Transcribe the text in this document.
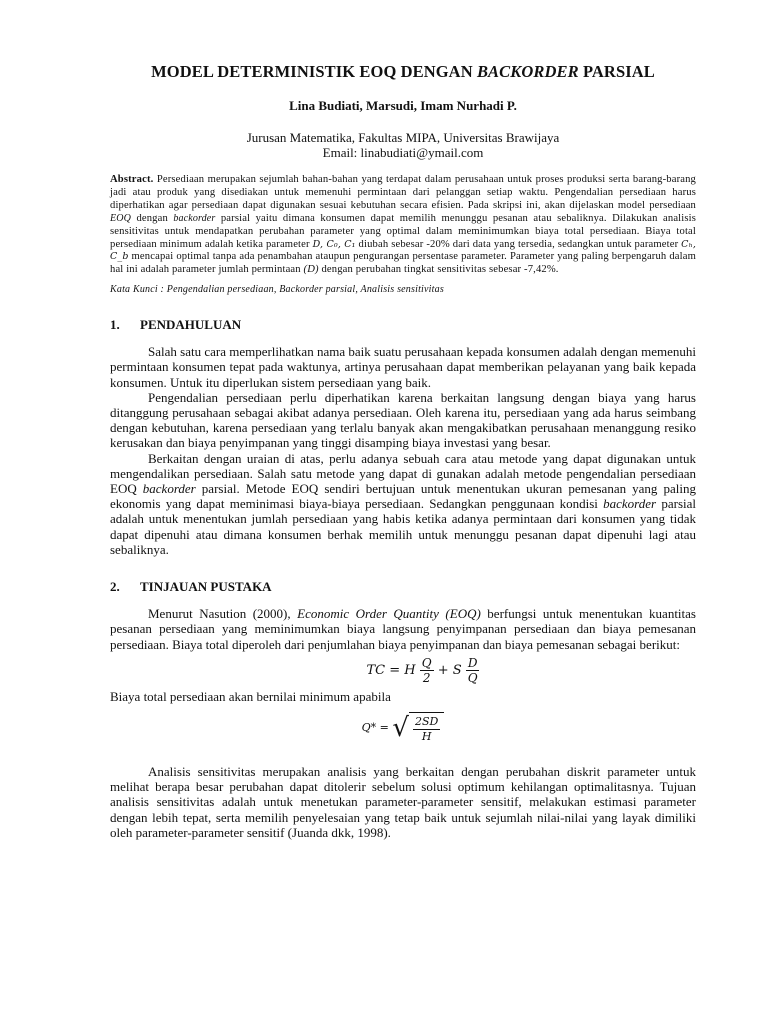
MODEL DETERMINISTIK EOQ DENGAN BACKORDER PARSIAL
Lina Budiati, Marsudi, Imam Nurhadi P.
Jurusan Matematika, Fakultas MIPA, Universitas Brawijaya
Email: linabudiati@ymail.com
Abstract. Persediaan merupakan sejumlah bahan-bahan yang terdapat dalam perusahaan untuk proses produksi serta barang-barang jadi atau produk yang disediakan untuk memenuhi permintaan dari pelanggan setiap waktu. Pengendalian persediaan harus diperhatikan agar persediaan dapat digunakan sesuai kebutuhan secara efisien. Pada skripsi ini, akan dijelaskan model persediaan EOQ dengan backorder parsial yaitu dimana konsumen dapat memilih menunggu pesanan atau sebaliknya. Dilakukan analisis sensitivitas untuk mendapatkan perubahan parameter yang optimal dalam meminimumkan biaya total persediaan. Biaya total persediaan minimum adalah ketika parameter D, C₀, C₁ diubah sebesar -20% dari data yang tersedia, sedangkan untuk parameter Cₕ, C_b mencapai optimal tanpa ada penambahan ataupun pengurangan persentase parameter. Parameter yang paling berpengaruh dalam hal ini adalah parameter jumlah permintaan (D) dengan perubahan tingkat sensitivitas sebesar -7,42%.
Kata Kunci : Pengendalian persediaan, Backorder parsial, Analisis sensitivitas
1. PENDAHULUAN

Salah satu cara memperlihatkan nama baik suatu perusahaan kepada konsumen adalah dengan memenuhi permintaan konsumen tepat pada waktunya, artinya perusahaan dapat memberikan pelayanan yang baik kepada konsumen. Untuk itu diperlukan sistem persediaan yang baik.

Pengendalian persediaan perlu diperhatikan karena berkaitan langsung dengan biaya yang harus ditanggung perusahaan sebagai akibat adanya persediaan. Oleh karena itu, persediaan yang ada harus seimbang dengan kebutuhan, karena persediaan yang terlalu banyak akan mengakibatkan perusahaan menanggung resiko kerusakan dan biaya penyimpanan yang tinggi disamping biaya investasi yang besar.

Berkaitan dengan uraian di atas, perlu adanya sebuah cara atau metode yang dapat digunakan untuk mengendalikan persediaan. Salah satu metode yang dapat di gunakan adalah metode pengendalian persediaan EOQ backorder parsial. Metode EOQ sendiri bertujuan untuk menentukan ukuran pemesanan yang paling ekonomis yang dapat meminimasi biaya-biaya persediaan. Sedangkan penggunaan kondisi backorder parsial adalah untuk menentukan jumlah persediaan yang habis ketika adanya permintaan dari konsumen yang tidak dapat dipenuhi atau dimana konsumen berhak memilih untuk menunggu pesanan dapat dipenuhi lagi atau sebaliknya.

2. TINJAUAN PUSTAKA

Menurut Nasution (2000), Economic Order Quantity (EOQ) berfungsi untuk menentukan kuantitas pesanan persediaan yang meminimumkan biaya langsung penyimpanan persediaan dan biaya pemesanan persediaan. Biaya total diperoleh dari penjumlahan biaya penyimpanan dan biaya pemesanan sebagai berikut:

TC = H $\frac{Q}{2} + S \frac{D}{Q}$

Biaya total persediaan akan bernilai minimum apabila

Q* = √ $\frac{2SD}{H}$

Analisis sensitivitas merupakan analisis yang berkaitan dengan perubahan diskrit parameter untuk melihat berapa besar perubahan dapat ditolerir sebelum solusi optimum kehilangan optimalitasnya. Tujuan analisis sensitivitas adalah untuk menetukan parameter-parameter sensitif, melakukan estimasi parameter dengan lebih tepat, serta memilih penyelesaian yang tetap baik untuk sejumlah nilai-nilai yang layak dimiliki oleh parameter-parameter sensitif (Juanda dkk, 1998).
